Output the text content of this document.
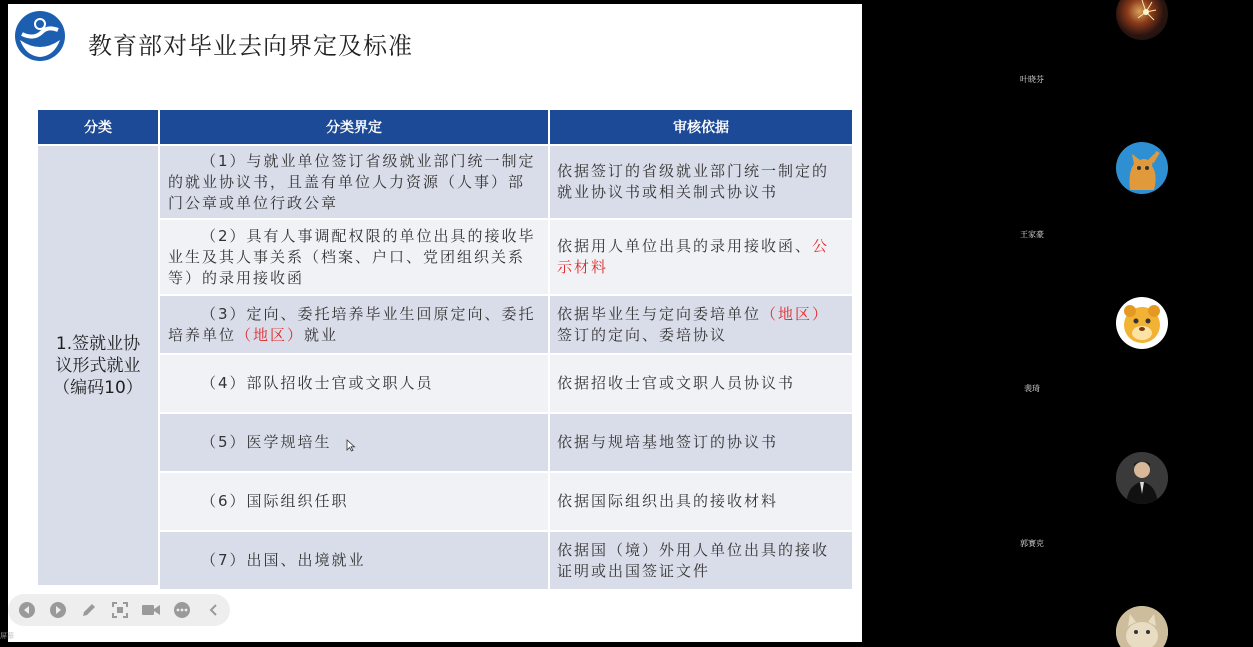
教育部对毕业去向界定及标准
分类	分类界定	审核依据
1.签就业协
议形式就业
（编码10）
（1）与就业单位签订省级就业部门统一制定的就业协议书，且盖有单位人力资源（人事）部门公章或单位行政公章
依据签订的省级就业部门统一制定的就业协议书或相关制式协议书
（2）具有人事调配权限的单位出具的接收毕业生及其人事关系（档案、户口、党团组织关系等）的录用接收函
依据用人单位出具的录用接收函、公示材料
（3）定向、委托培养毕业生回原定向、委托培养单位（地区）就业
依据毕业生与定向委培单位（地区）签订的定向、委培协议
（4）部队招收士官或文职人员	依据招收士官或文职人员协议书
（5）医学规培生	依据与规培基地签订的协议书
（6）国际组织任职	依据国际组织出具的接收材料
（7）出国、出境就业
依据国（境）外用人单位出具的接收证明或出国签证文件
屏幕
叶晓芬
王家豪
裴琦
郭赛克
